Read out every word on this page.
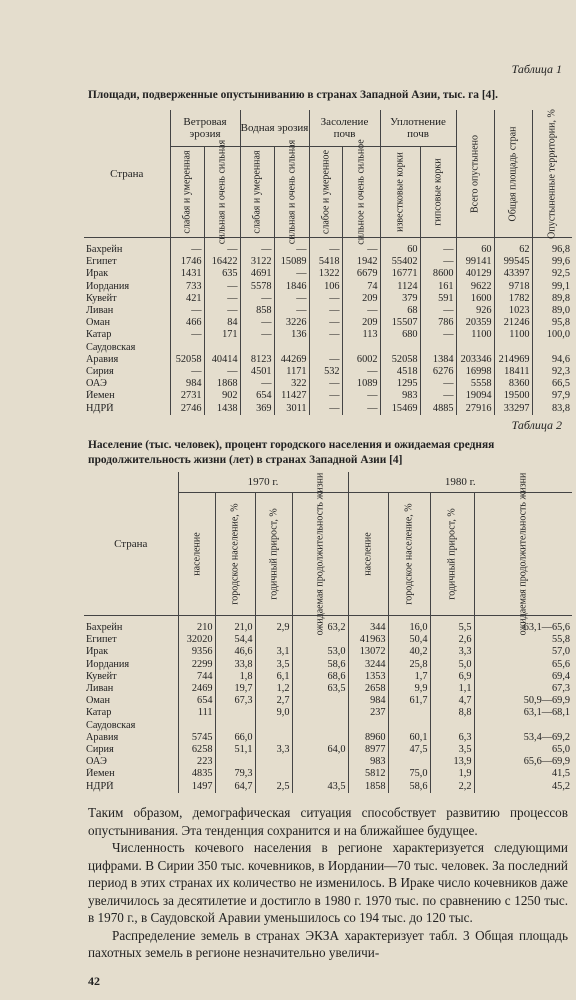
Таблица 1
Площади, подверженные опустыниванию в странах Западной Азии, тыс. га [4].
Страна	Ветровая эрозия		Водная эрозия		Засоление почв		Уплотнение почв		Всего опустынено	Общая площадь стран	Опустыненные территории, %

	слабая и умеренная	сильная и очень сильная	слабая и умеренная	сильная и очень сильная	слабое и умеренное	сильное и очень сильное	известковые корки	гипсовые корки			

Бахрейн	—	—	—	—	—	—	60	—	60	62	96,8
Египет	1746	16422	3122	15089	5418	1942	55402	—	99141	99545	99,6
Ирак	1431	635	4691	—	1322	6679	16771	8600	40129	43397	92,5
Иордания	733	—	5578	1846	106	74	1124	161	9622	9718	99,1
Кувейт	421	—	—	—	—	209	379	591	1600	1782	89,8
Ливан	—	—	858	—	—	—	68	—	926	1023	89,0
Оман	466	84	—	3226	—	209	15507	786	20359	21246	95,8
Катар	—	171	—	136	—	113	680	—	1100	1100	100,0
Саудовская											
Аравия	52058	40414	8123	44269	—	6002	52058	1384	203346	214969	94,6
Сирия	—	—	4501	1171	532	—	4518	6276	16998	18411	92,3
ОАЭ	984	1868	—	322	—	1089	1295	—	5558	8360	66,5
Йемен	2731	902	654	11427	—	—	983	—	19094	19500	97,9
НДРЙ	2746	1438	369	3011	—	—	15469	4885	27916	33297	83,8
Таблица 2
Население (тыс. человек), процент городского населения и ожидаемая средняя продолжительность жизни (лет) в странах Западной Азии [4]
Страна	1970 г.				1980 г.			

	население	городское население, %	годичный прирост, %	ожидаемая продолжительность жизни	население	городское население, %	годичный прирост, %	ожидаемая продолжительность жизни

Бахрейн	210	21,0	2,9	63,2	344	16,0	5,5	63,1—65,6
Египет	32020	54,4			41963	50,4	2,6	55,8
Ирак	9356	46,6	3,1	53,0	13072	40,2	3,3	57,0
Иордания	2299	33,8	3,5	58,6	3244	25,8	5,0	65,6
Кувейт	744	1,8	6,1	68,6	1353	1,7	6,9	69,4
Ливан	2469	19,7	1,2	63,5	2658	9,9	1,1	67,3
Оман	654	67,3	2,7		984	61,7	4,7	50,9—69,9
Катар	111		9,0		237		8,8	63,1—68,1
Саудовская								
Аравия	5745	66,0			8960	60,1	6,3	53,4—69,2
Сирия	6258	51,1	3,3	64,0	8977	47,5	3,5	65,0
ОАЭ	223				983		13,9	65,6—69,9
Йемен	4835	79,3			5812	75,0	1,9	41,5
НДРЙ	1497	64,7	2,5	43,5	1858	58,6	2,2	45,2

Таким образом, демографическая ситуация способствует развитию процессов опустынивания. Эта тенденция сохранится и на ближайшее будущее.

Численность кочевого населения в регионе характеризуется следующими цифрами. В Сирии 350 тыс. кочевников, в Иордании—70 тыс. человек. За последний период в этих странах их количество не изменилось. В Ираке число кочевников даже увеличилось за десятилетие и достигло в 1980 г. 1970 тыс. по сравнению с 1250 тыс. в 1970 г., в Саудовской Аравии уменьшилось со 194 тыс. до 120 тыс.

Распределение земель в странах ЭКЗА характеризует табл. 3 Общая площадь пахотных земель в регионе незначительно увеличи-

42
